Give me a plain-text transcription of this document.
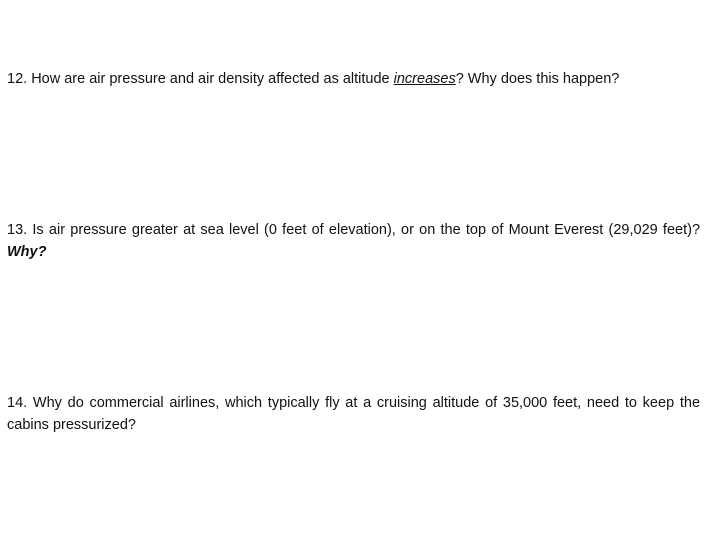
12. How are air pressure and air density affected as altitude increases? Why does this happen?

13. Is air pressure greater at sea level (0 feet of elevation), or on the top of Mount Everest (29,029 feet)? Why?

14. Why do commercial airlines, which typically fly at a cruising altitude of 35,000 feet, need to keep the cabins pressurized?
